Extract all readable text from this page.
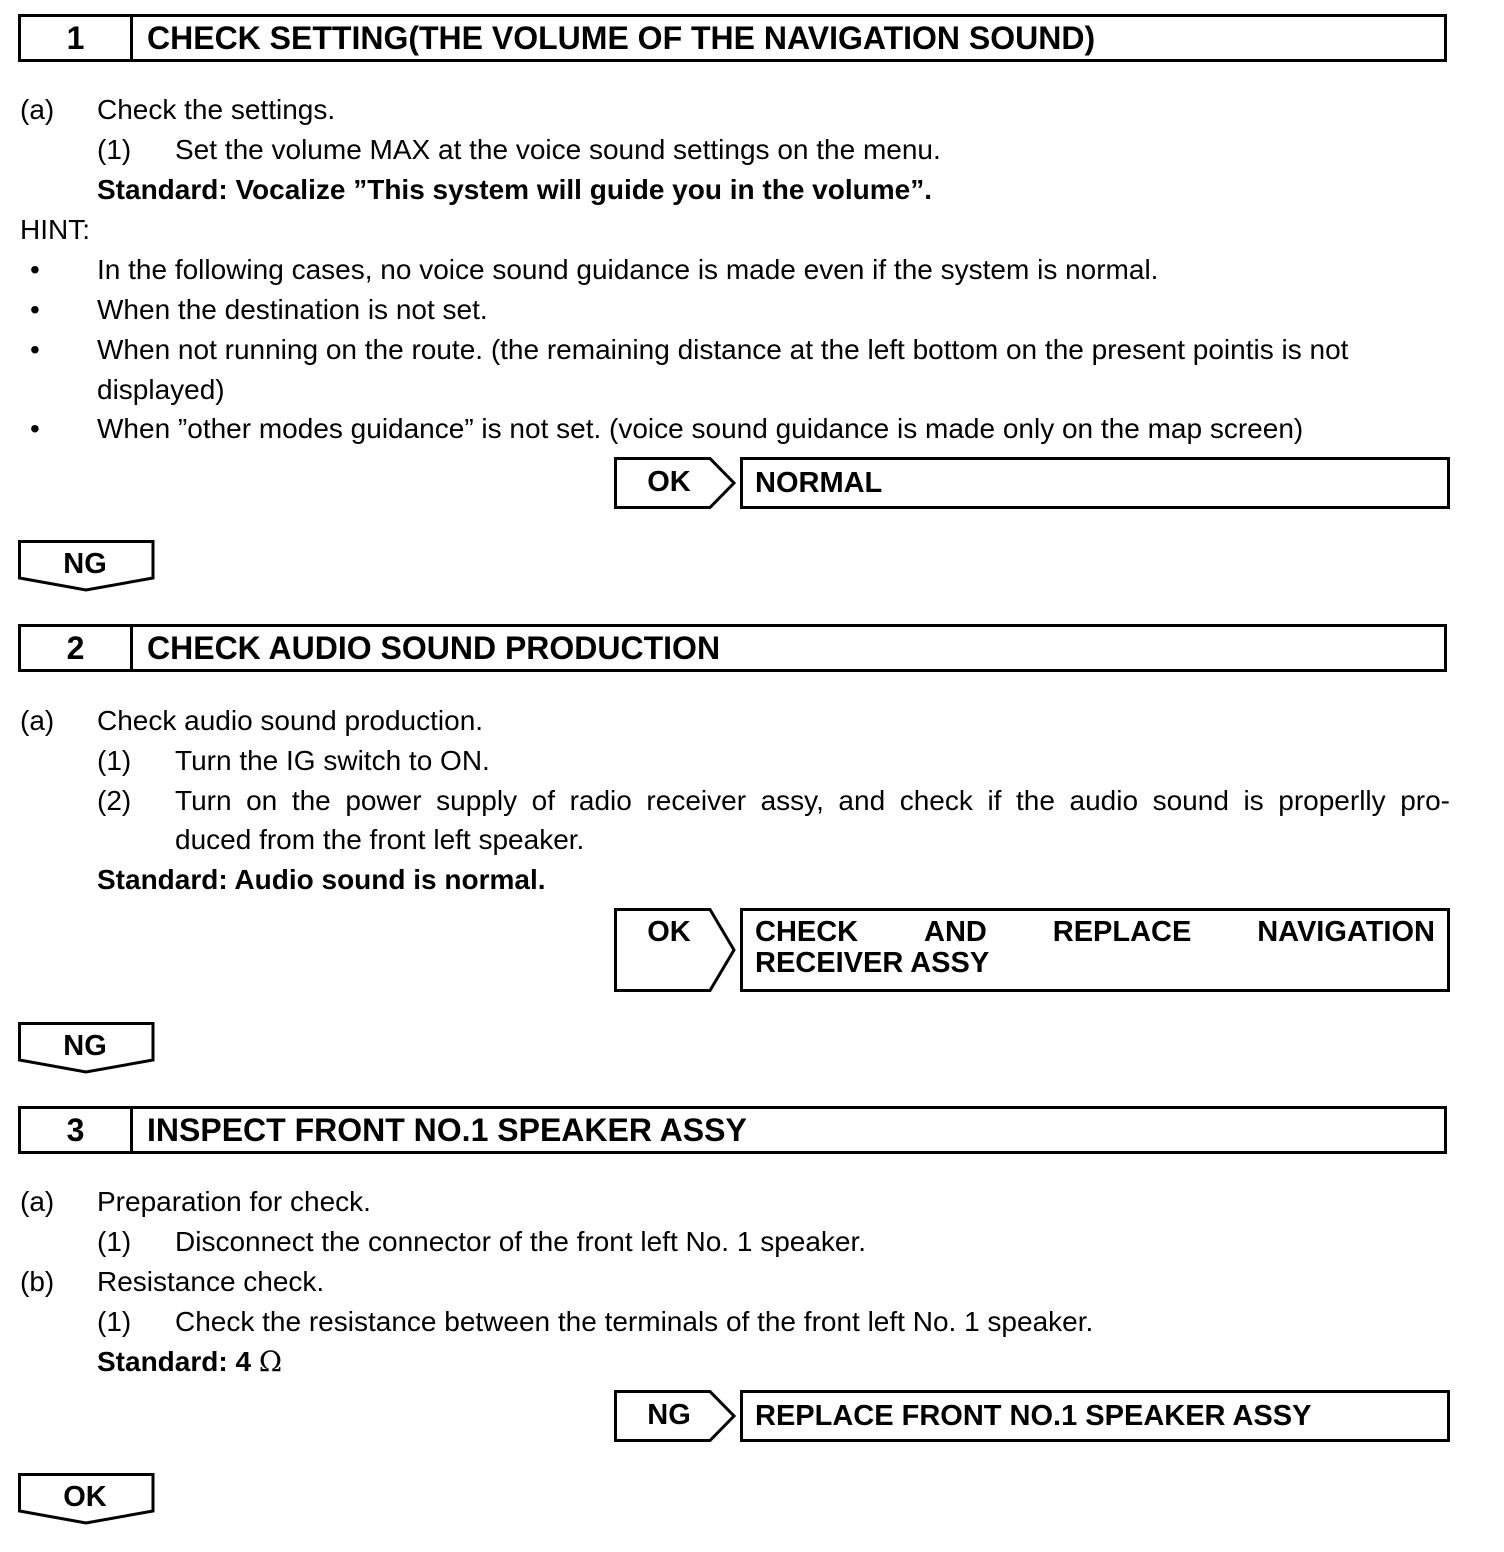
1	CHECK SETTING(THE VOLUME OF THE NAVIGATION SOUND)
(a) Check the settings.
(1) Set the volume MAX at the voice sound settings on the menu.
Standard: Vocalize ”This system will guide you in the volume”.
HINT:
• In the following cases, no voice sound guidance is made even if the system is normal.
• When the destination is not set.
• When not running on the route. (the remaining distance at the left bottom on the present pointis is not
displayed)
• When ”other modes guidance” is not set. (voice sound guidance is made only on the map screen)
OK	NORMAL
NG
2	CHECK AUDIO SOUND PRODUCTION
(a) Check audio sound production.
(1) Turn the IG switch to ON.
(2) Turn on the power supply of radio receiver assy, and check if the audio sound is properlly pro-
duced from the front left speaker.
Standard: Audio sound is normal.
OK	CHECK AND REPLACE NAVIGATION
RECEIVER ASSY
NG
3	INSPECT FRONT NO.1 SPEAKER ASSY
(a) Preparation for check.
(1) Disconnect the connector of the front left No. 1 speaker.
(b) Resistance check.
(1) Check the resistance between the terminals of the front left No. 1 speaker.
Standard: 4 Ω
NG	REPLACE FRONT NO.1 SPEAKER ASSY
OK
